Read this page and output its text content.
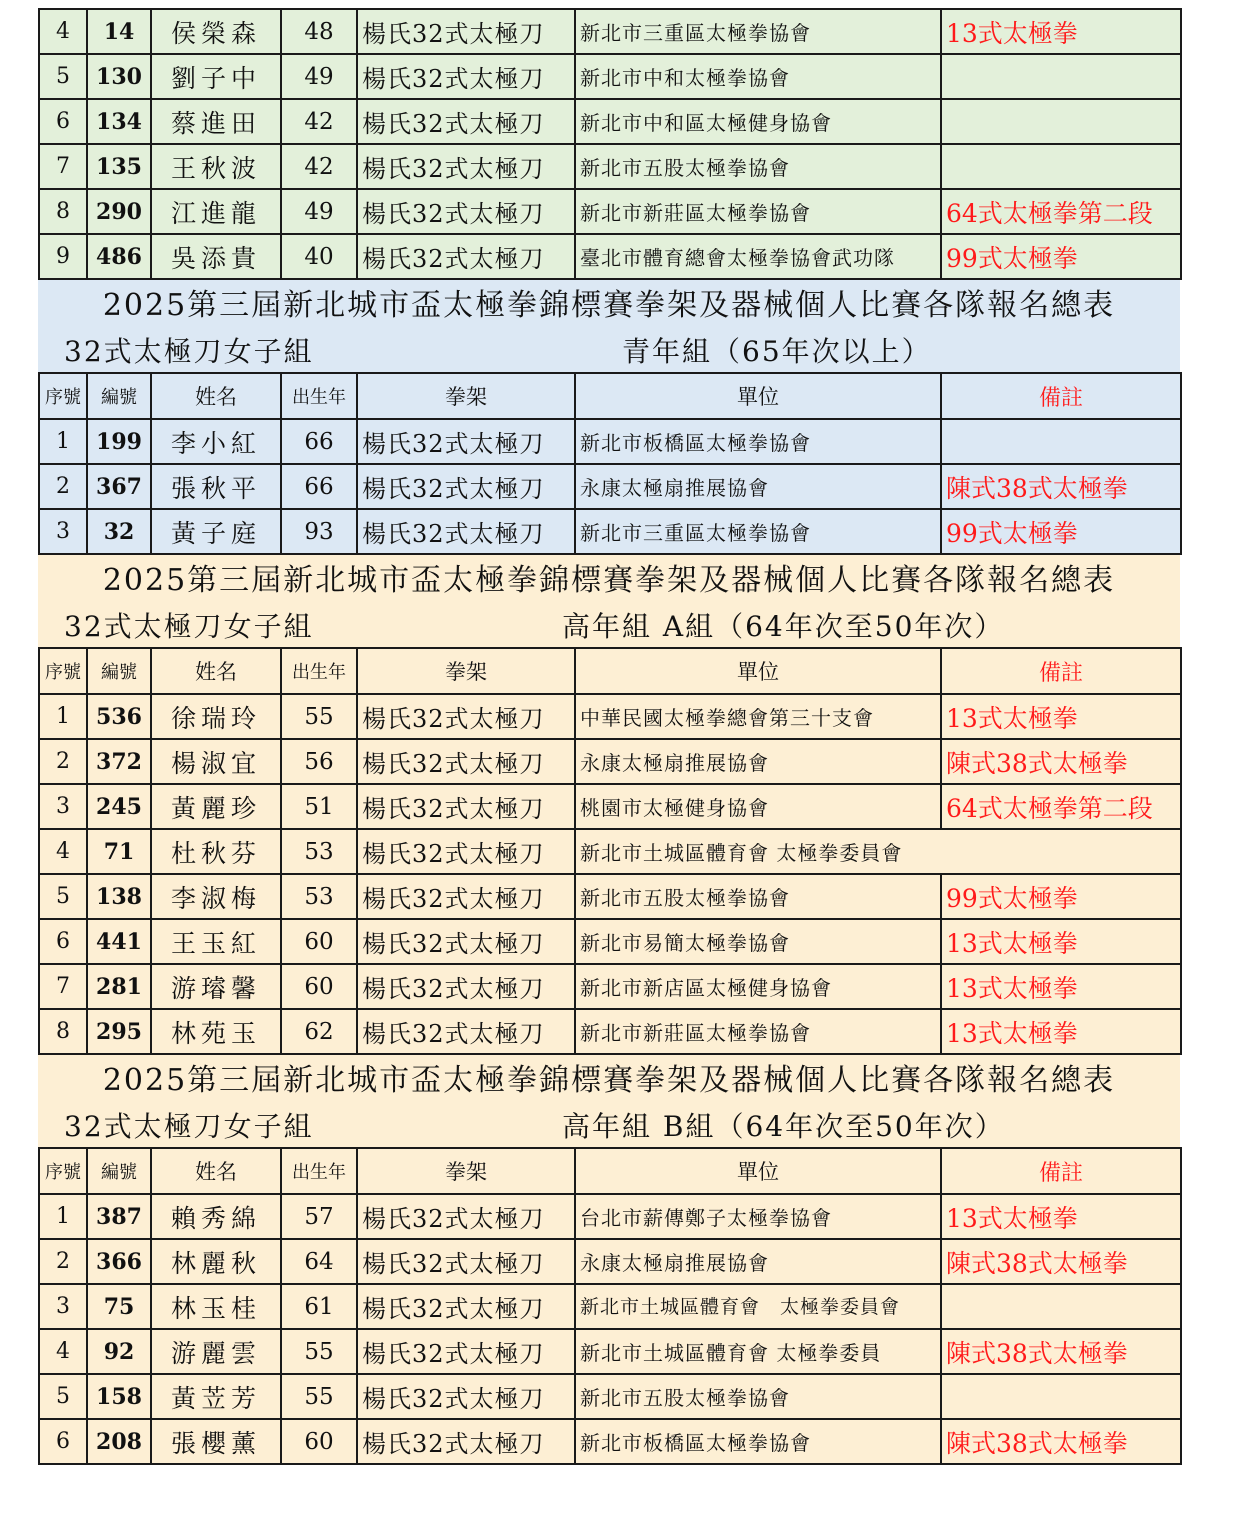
4	14	侯榮森	48	楊氏32式太極刀	新北市三重區太極拳協會	13式太極拳
5	130	劉子中	49	楊氏32式太極刀	新北市中和太極拳協會	
6	134	蔡進田	42	楊氏32式太極刀	新北市中和區太極健身協會	
7	135	王秋波	42	楊氏32式太極刀	新北市五股太極拳協會	
8	290	江進龍	49	楊氏32式太極刀	新北市新莊區太極拳協會	64式太極拳第二段
9	486	吳添貴	40	楊氏32式太極刀	臺北市體育總會太極拳協會武功隊	99式太極拳
2025第三屆新北城市盃太極拳錦標賽拳架及器械個人比賽各隊報名總表
32式太極刀女子組	青年組（65年次以上）
序號	編號	姓名	出生年	拳架	單位	備註
1	199	李小紅	66	楊氏32式太極刀	新北市板橋區太極拳協會	
2	367	張秋平	66	楊氏32式太極刀	永康太極扇推展協會	陳式38式太極拳
3	32	黃子庭	93	楊氏32式太極刀	新北市三重區太極拳協會	99式太極拳
2025第三屆新北城市盃太極拳錦標賽拳架及器械個人比賽各隊報名總表
32式太極刀女子組	高年組 A組（64年次至50年次）
序號	編號	姓名	出生年	拳架	單位	備註
1	536	徐瑞玲	55	楊氏32式太極刀	中華民國太極拳總會第三十支會	13式太極拳
2	372	楊淑宜	56	楊氏32式太極刀	永康太極扇推展協會	陳式38式太極拳
3	245	黃麗珍	51	楊氏32式太極刀	桃園市太極健身協會	64式太極拳第二段
4	71	杜秋芬	53	楊氏32式太極刀	新北市土城區體育會 太極拳委員會	
5	138	李淑梅	53	楊氏32式太極刀	新北市五股太極拳協會	99式太極拳
6	441	王玉紅	60	楊氏32式太極刀	新北市易簡太極拳協會	13式太極拳
7	281	游璿馨	60	楊氏32式太極刀	新北市新店區太極健身協會	13式太極拳
8	295	林苑玉	62	楊氏32式太極刀	新北市新莊區太極拳協會	13式太極拳
2025第三屆新北城市盃太極拳錦標賽拳架及器械個人比賽各隊報名總表
32式太極刀女子組	高年組 B組（64年次至50年次）
序號	編號	姓名	出生年	拳架	單位	備註
1	387	賴秀綿	57	楊氏32式太極刀	台北市薪傳鄭子太極拳協會	13式太極拳
2	366	林麗秋	64	楊氏32式太極刀	永康太極扇推展協會	陳式38式太極拳
3	75	林玉桂	61	楊氏32式太極刀	新北市土城區體育會　太極拳委員會	
4	92	游麗雲	55	楊氏32式太極刀	新北市土城區體育會 太極拳委員	陳式38式太極拳
5	158	黃苙芳	55	楊氏32式太極刀	新北市五股太極拳協會	
6	208	張櫻薰	60	楊氏32式太極刀	新北市板橋區太極拳協會	陳式38式太極拳
